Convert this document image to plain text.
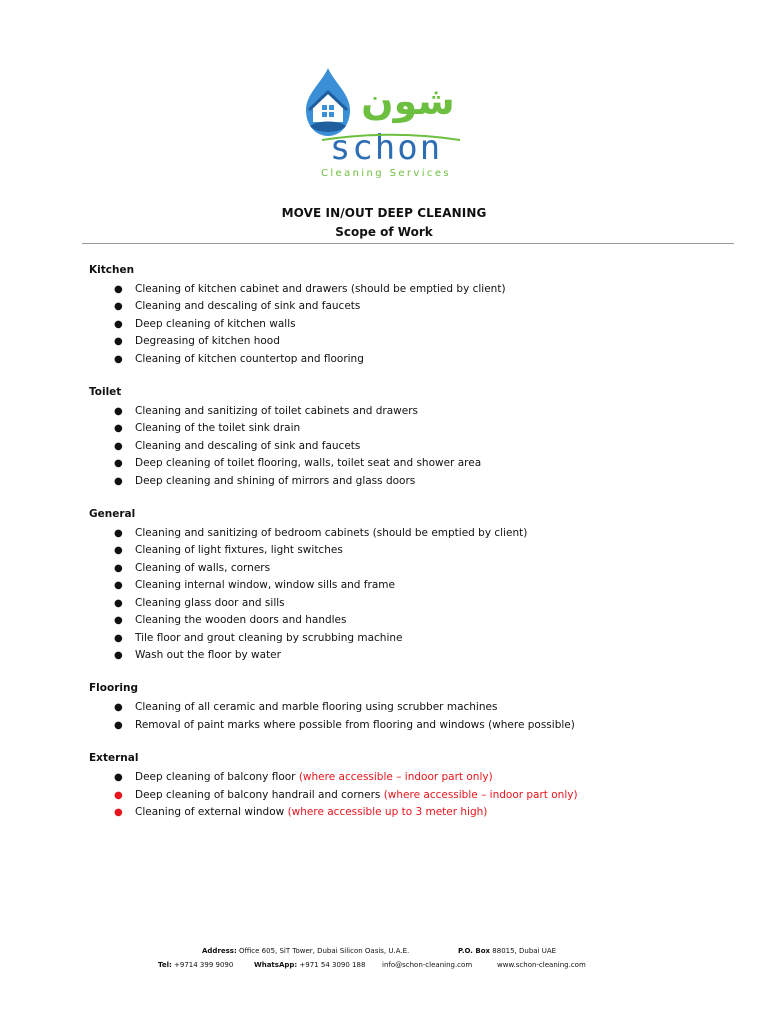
شون
schon
Cleaning Services
MOVE IN/OUT DEEP CLEANING
Scope of Work
Kitchen
● Cleaning of kitchen cabinet and drawers (should be emptied by client)
● Cleaning and descaling of sink and faucets
● Deep cleaning of kitchen walls
● Degreasing of kitchen hood
● Cleaning of kitchen countertop and flooring
Toilet
● Cleaning and sanitizing of toilet cabinets and drawers
● Cleaning of the toilet sink drain
● Cleaning and descaling of sink and faucets
● Deep cleaning of toilet flooring, walls, toilet seat and shower area
● Deep cleaning and shining of mirrors and glass doors
General
● Cleaning and sanitizing of bedroom cabinets (should be emptied by client)
● Cleaning of light fixtures, light switches
● Cleaning of walls, corners
● Cleaning internal window, window sills and frame
● Cleaning glass door and sills
● Cleaning the wooden doors and handles
● Tile floor and grout cleaning by scrubbing machine
● Wash out the floor by water
Flooring
● Cleaning of all ceramic and marble flooring using scrubber machines
● Removal of paint marks where possible from flooring and windows (where possible)
External
● Deep cleaning of balcony floor (where accessible – indoor part only)
● Deep cleaning of balcony handrail and corners (where accessible – indoor part only)
● Cleaning of external window (where accessible up to 3 meter high)
Address: Office 605, SiT Tower, Dubai Silicon Oasis, U.A.E.	P.O. Box 88015, Dubai UAE
Tel: +9714 399 9090	WhatsApp: +971 54 3090 188 info@schon-cleaning.com	www.schon-cleaning.com
